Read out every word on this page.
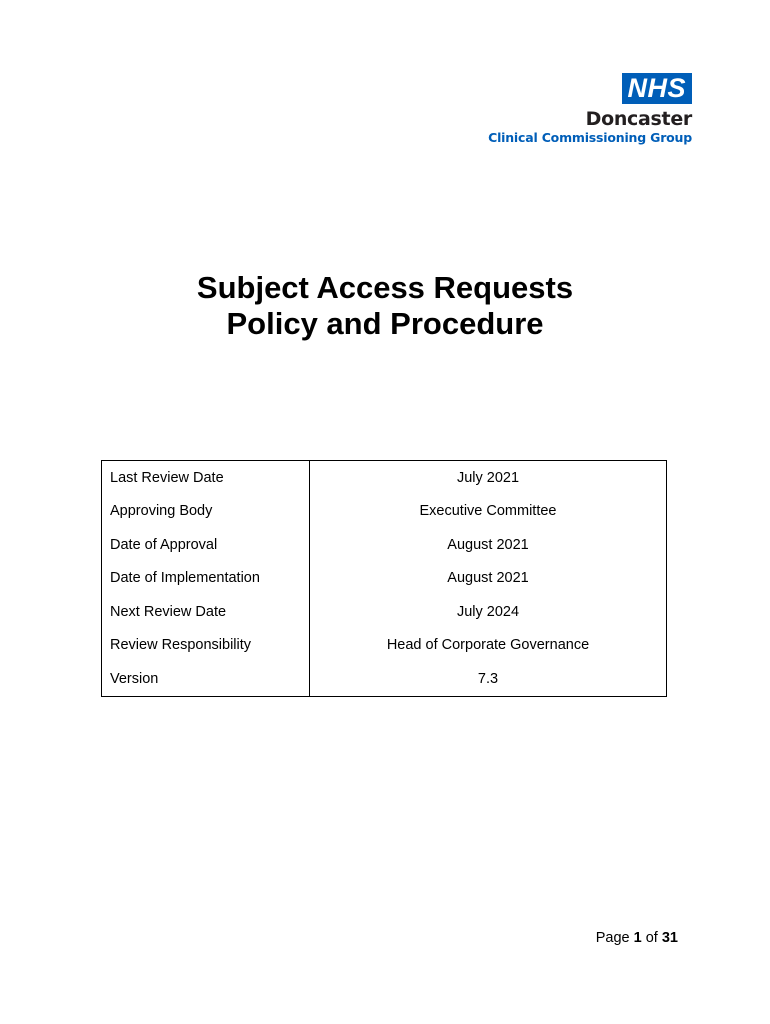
NHS
Doncaster
Clinical Commissioning Group
Subject Access Requests
Policy and Procedure
Last Review Date	July 2021
Approving Body	Executive Committee
Date of Approval	August 2021
Date of Implementation	August 2021
Next Review Date	July 2024
Review Responsibility	Head of Corporate Governance
Version	7.3
Page 1 of 31
